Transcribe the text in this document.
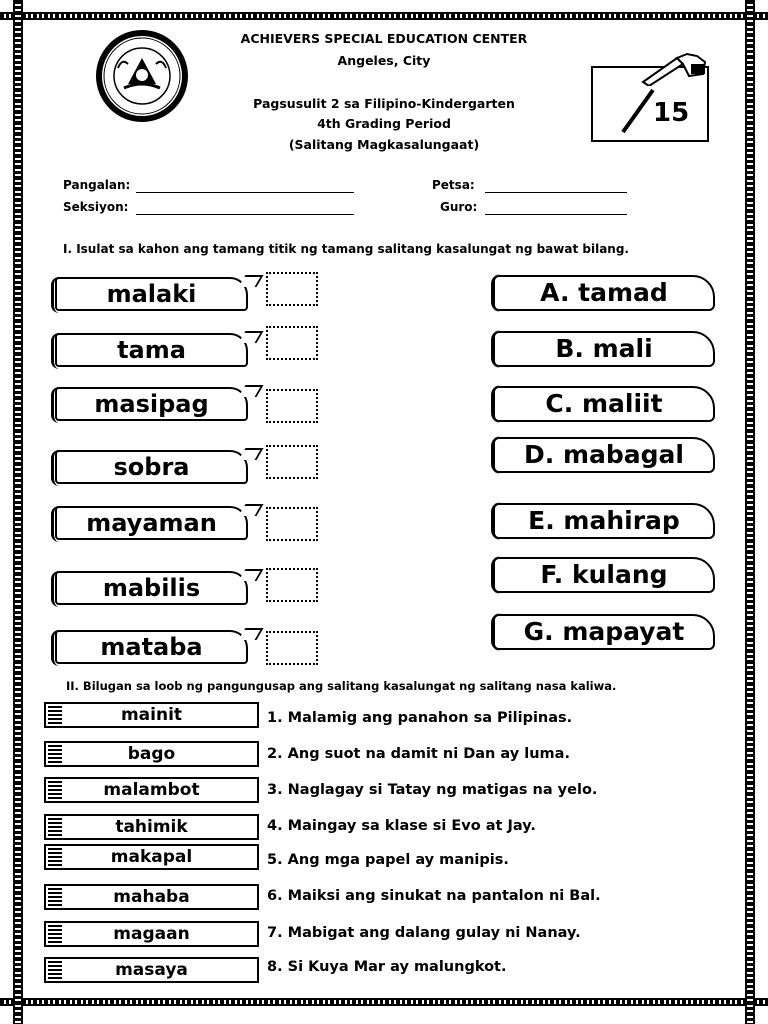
ACHIEVERS SPECIAL EDUCATION CENTER
Angeles, City
Pagsusulit 2 sa Filipino-Kindergarten
4th Grading Period
(Salitang Magkasalungaat)
15
Pangalan:
Seksiyon:
Petsa:
Guro:
I. Isulat sa kahon ang tamang titik ng tamang salitang kasalungat ng bawat bilang.
malaki
tama
masipag
sobra
mayaman
mabilis
mataba
A. tamad
B. mali
C. maliit
D. mabagal
E. mahirap
F. kulang
G. mapayat
II. Bilugan sa loob ng pangungusap ang salitang kasalungat ng salitang nasa kaliwa.
mainit
bago
malambot
tahimik
makapal
mahaba
magaan
masaya
1. Malamig ang panahon sa Pilipinas.
2. Ang suot na damit ni Dan ay luma.
3. Naglagay si Tatay ng matigas na yelo.
4. Maingay sa klase si Evo at Jay.
5. Ang mga papel ay manipis.
6. Maiksi ang sinukat na pantalon ni Bal.
7. Mabigat ang dalang gulay ni Nanay.
8. Si Kuya Mar ay malungkot.
